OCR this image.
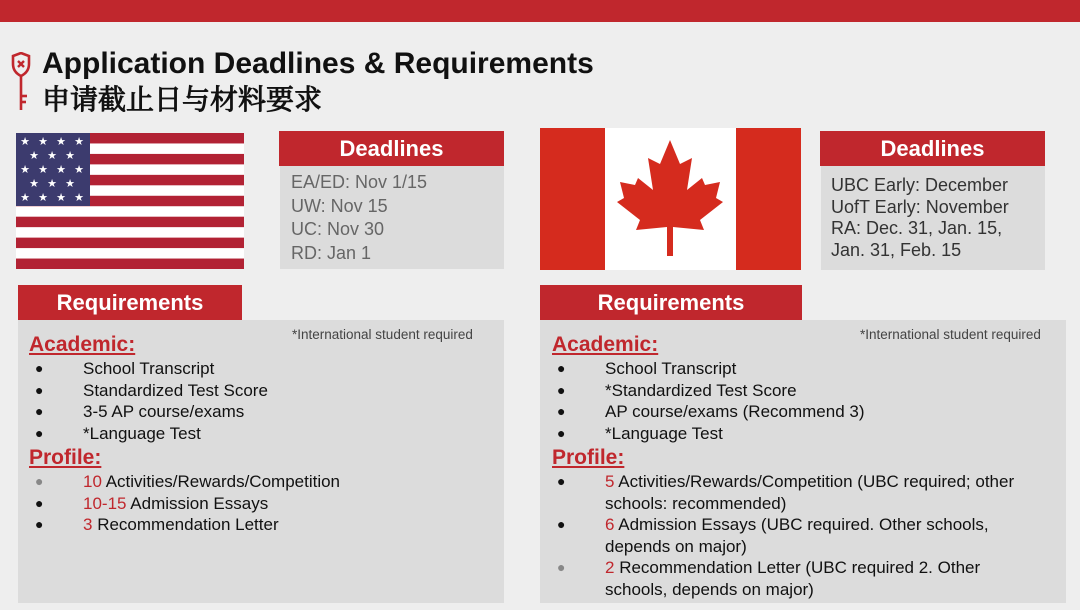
Application Deadlines & Requirements
申请截止日与材料要求
★ ★ ★ ★
★ ★ ★
★ ★ ★ ★
★ ★ ★
★ ★ ★ ★
Deadlines
EA/ED: Nov 1/15
UW: Nov 15
UC: Nov 30
RD: Jan 1
Deadlines
UBC Early: December
UofT Early: November
RA: Dec. 31, Jan. 15,
Jan. 31, Feb. 15
Requirements
*International student required
Academic:
● School Transcript
● Standardized Test Score
● 3-5 AP course/exams
● *Language Test
Profile:
● 10 Activities/Rewards/Competition
● 10-15 Admission Essays
● 3 Recommendation Letter
Requirements
*International student required
Academic:
● School Transcript
● *Standardized Test Score
● AP course/exams (Recommend 3)
● *Language Test
Profile:
● 5 Activities/Rewards/Competition (UBC required; other
schools: recommended)
● 6 Admission Essays (UBC required. Other schools,
depends on major)
● 2 Recommendation Letter (UBC required 2. Other
schools, depends on major)
